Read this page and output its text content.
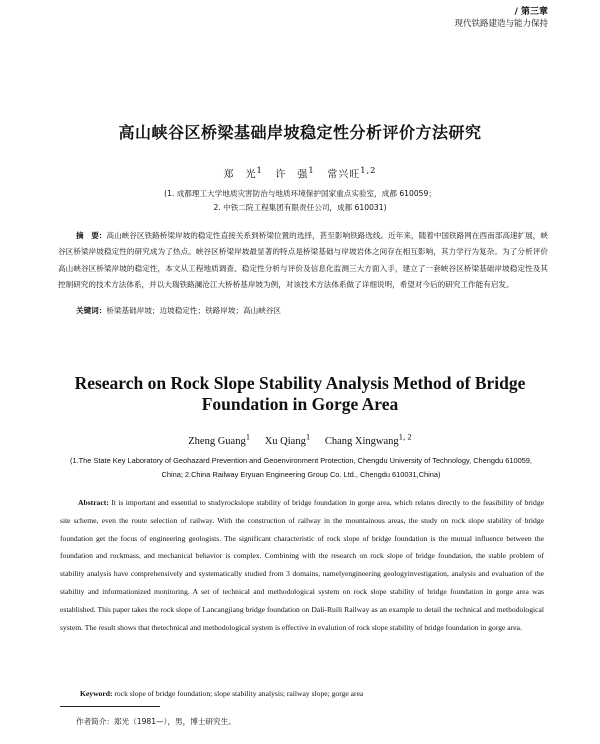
/ 第三章
现代铁路建造与能力保持
高山峡谷区桥梁基础岸坡稳定性分析评价方法研究
郑　光$^1$ 许　强$^1$ 常兴旺$^{1,2}$
(1. 成都理工大学地质灾害防治与地质环境保护国家重点实验室，成都 610059；
2. 中铁二院工程集团有限责任公司，成都 610031)
摘　要：高山峡谷区铁路桥梁岸坡的稳定性直接关系到桥梁位置的选择，甚至影响铁路选线。近年来，随着中国铁路网在西南部高速扩展，峡谷区桥梁岸坡稳定性的研究成为了热点。峡谷区桥梁岸坡最显著的特点是桥梁基础与岸坡岩体之间存在相互影响，其力学行为复杂。为了分析评价高山峡谷区桥梁岸坡的稳定性，本文从工程地质调查、稳定性分析与评价及信息化监测三大方面入手，建立了一套峡谷区桥梁基础岸坡稳定性及其控制研究的技术方法体系，并以大瑞铁路澜沧江大桥桥基岸坡为例，对该技术方法体系做了详细说明，希望对今后的研究工作能有启发。
关键词：桥梁基础岸坡；边坡稳定性；铁路岸坡；高山峡谷区
Research on Rock Slope Stability Analysis Method of Bridge
Foundation in Gorge Area
Zheng Guang$^1$ Xu Qiang$^1$ Chang Xingwang$^{1, 2}$
(1.The State Key Laboratory of Geohazard Prevention and Geoenvironment Protection, Chengdu University of Technology, Chengdu 610059, China; 2.China Railway Eryuan Engineering Group Co. Ltd., Chengdu 610031,China)
Abstract: It is important and essential to studyrockslope stability of bridge foundation in gorge area, which relates directly to the feasibility of bridge site scheme, even the route selection of railway. With the construction of railway in the mountainous areas, the study on rock slope stability of bridge foundation get the focus of engineering geologists. The significant characteristic of rock slope of bridge foundation is the mutual influence between the foundation and rockmass, and mechanical behavior is complex. Combining with the research on rock slope of bridge foundation, the stable problem of stability analysis have comprehensively and systematically studied from 3 domains, namelyengineering geologyinvestigation, analysis and evaluation of the stability and informationized monitoring. A set of technical and methodological system on rock slope stability of bridge foundation in gorge area was established. This paper takes the rock slope of Lancangjiang bridge foundation on Dali-Ruili Railway as an example to detail the technical and methodological system. The result shows that thetechnical and methodological system is effective in evalution of rock slope stability of bridge foundation in gorge area.
Keyword: rock slope of bridge foundation; slope stability analysis; railway slope; gorge area
作者简介：郑光（1981—），男，博士研究生。
